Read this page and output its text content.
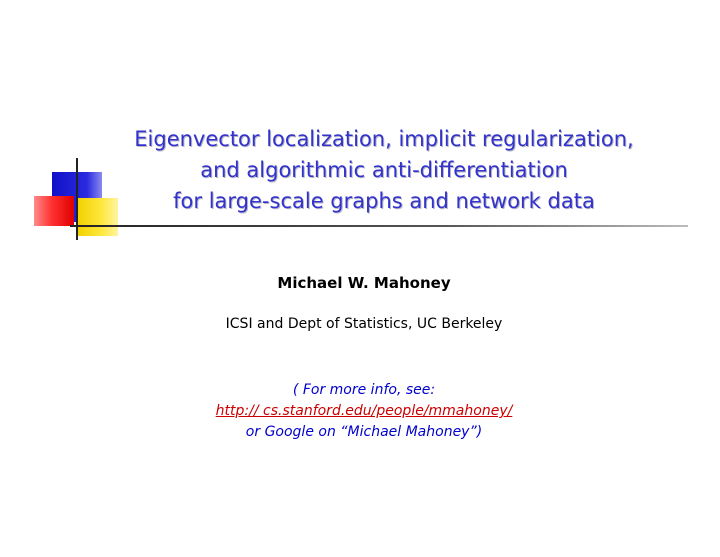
Eigenvector localization, implicit regularization,
and algorithmic anti-differentiation
for large-scale graphs and network data
Michael W. Mahoney
ICSI and Dept of Statistics, UC Berkeley
( For more info, see:
http:// cs.stanford.edu/people/mmahoney/
or Google on “Michael Mahoney”)
